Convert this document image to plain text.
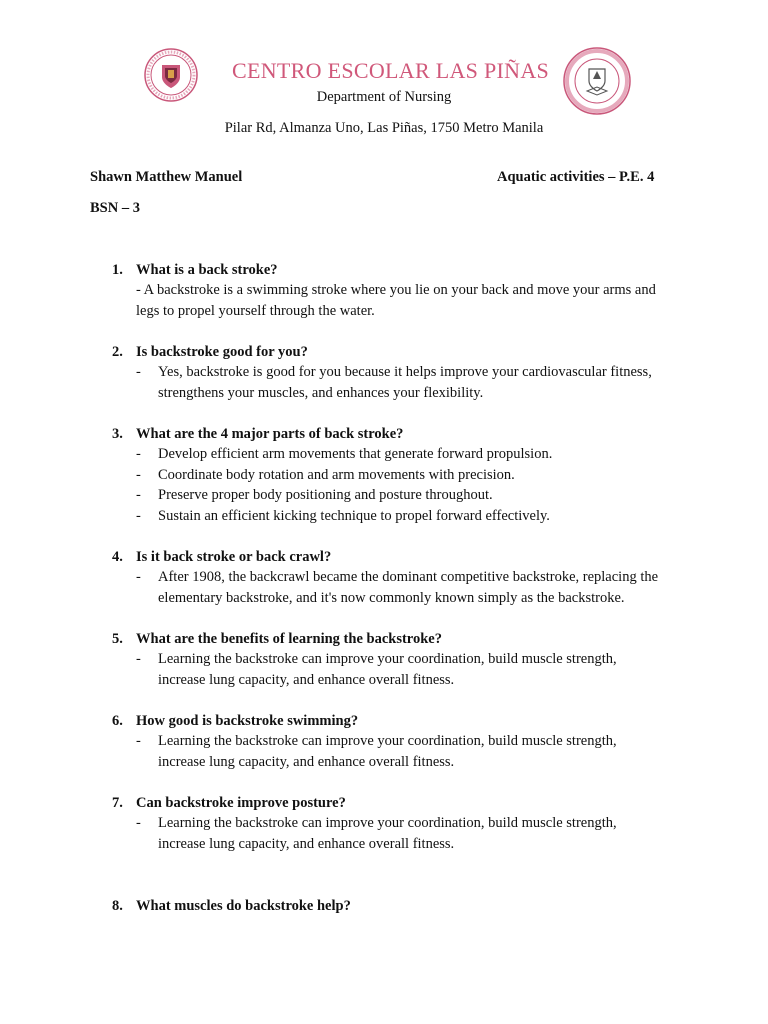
CENTRO ESCOLAR LAS PIÑAS
Department of Nursing
Pilar Rd, Almanza Uno, Las Piñas, 1750 Metro Manila
Shawn Matthew Manuel	Aquatic activities – P.E. 4
BSN – 3
1. What is a back stroke?
- A backstroke is a swimming stroke where you lie on your back and move your arms and
legs to propel yourself through the water.
2. Is backstroke good for you?
- Yes, backstroke is good for you because it helps improve your cardiovascular fitness,
strengthens your muscles, and enhances your flexibility.
3. What are the 4 major parts of back stroke?
- Develop efficient arm movements that generate forward propulsion.
- Coordinate body rotation and arm movements with precision.
- Preserve proper body positioning and posture throughout.
- Sustain an efficient kicking technique to propel forward effectively.
4. Is it back stroke or back crawl?
- After 1908, the backcrawl became the dominant competitive backstroke, replacing the
elementary backstroke, and it's now commonly known simply as the backstroke.
5. What are the benefits of learning the backstroke?
- Learning the backstroke can improve your coordination, build muscle strength,
increase lung capacity, and enhance overall fitness.
6. How good is backstroke swimming?
- Learning the backstroke can improve your coordination, build muscle strength,
increase lung capacity, and enhance overall fitness.
7. Can backstroke improve posture?
- Learning the backstroke can improve your coordination, build muscle strength,
increase lung capacity, and enhance overall fitness.
8. What muscles do backstroke help?
